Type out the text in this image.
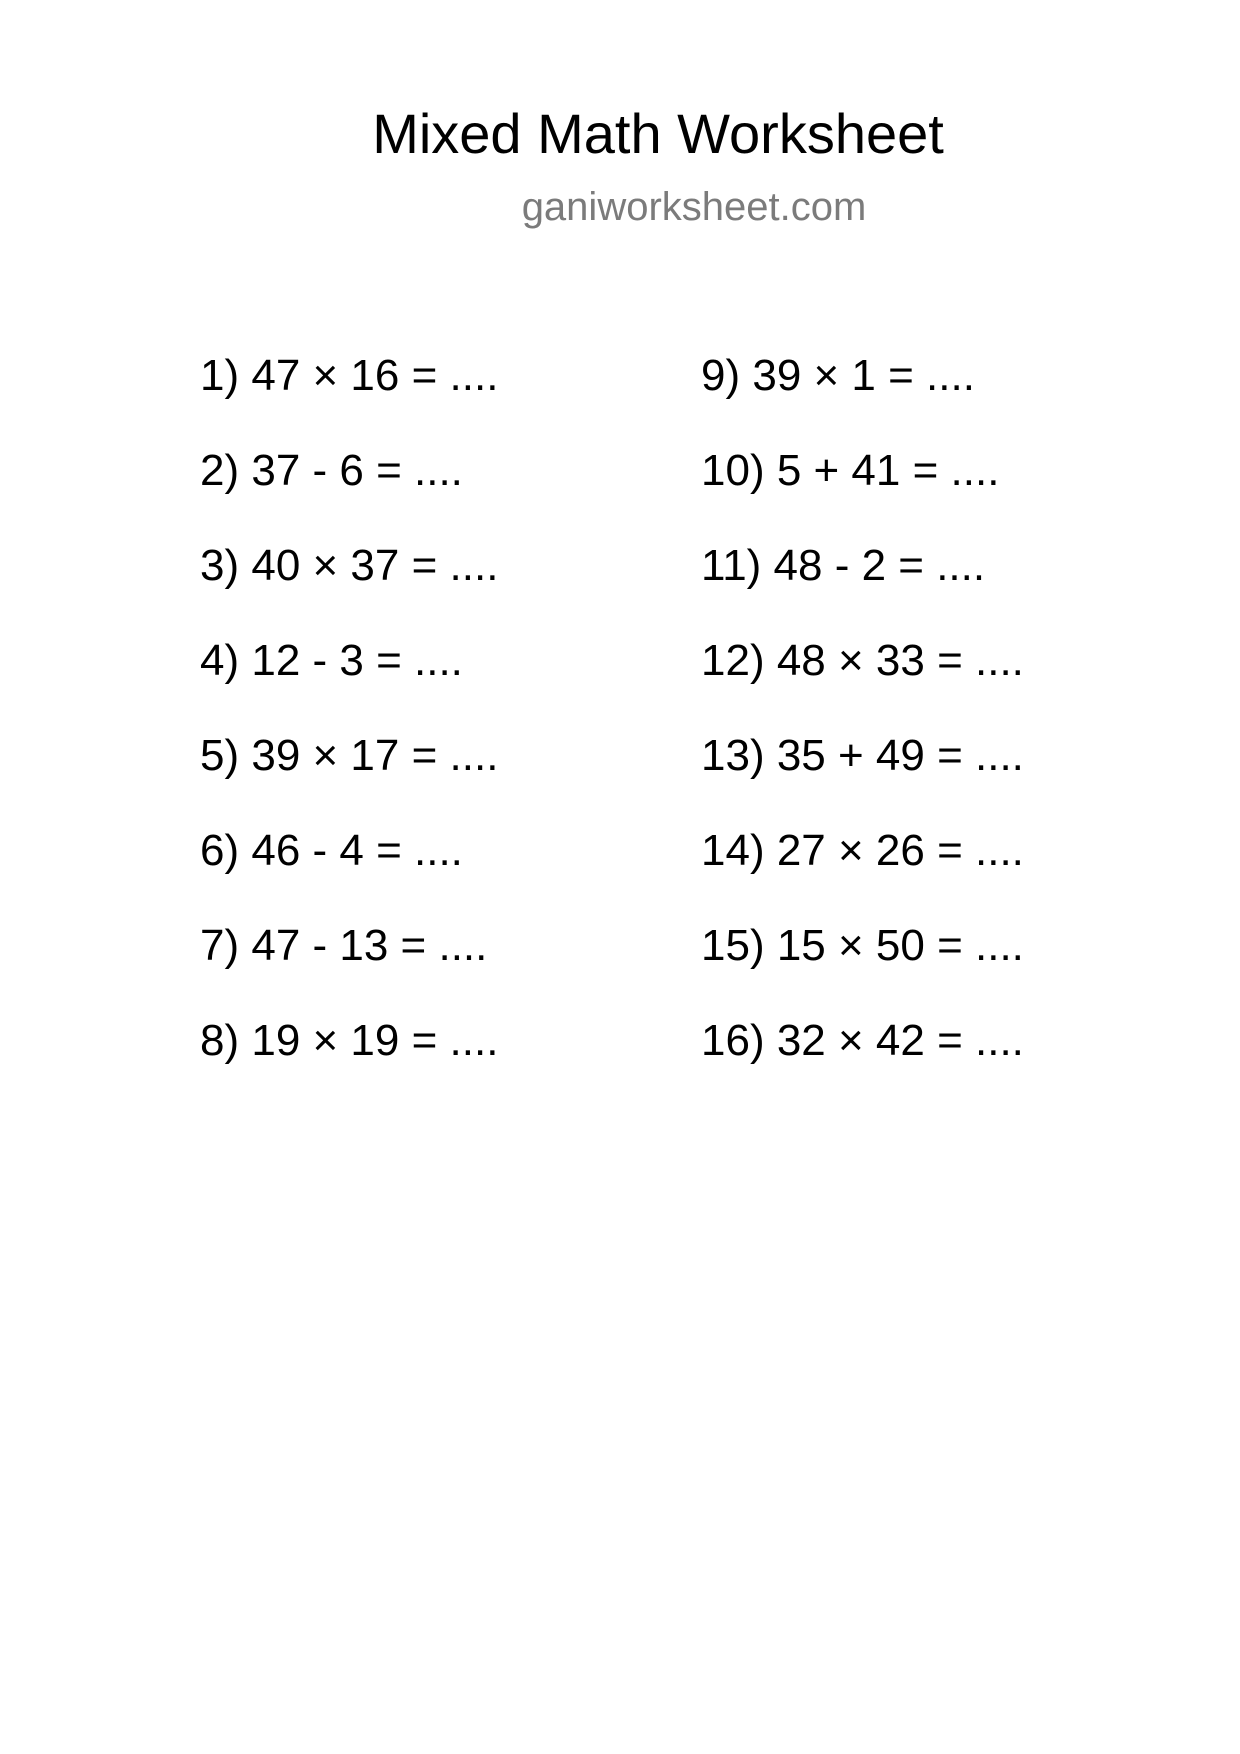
Mixed Math Worksheet
ganiworksheet.com
1) 47 × 16 = ....
2) 37 - 6 = ....
3) 40 × 37 = ....
4) 12 - 3 = ....
5) 39 × 17 = ....
6) 46 - 4 = ....
7) 47 - 13 = ....
8) 19 × 19 = ....
9) 39 × 1 = ....
10) 5 + 41 = ....
11) 48 - 2 = ....
12) 48 × 33 = ....
13) 35 + 49 = ....
14) 27 × 26 = ....
15) 15 × 50 = ....
16) 32 × 42 = ....
